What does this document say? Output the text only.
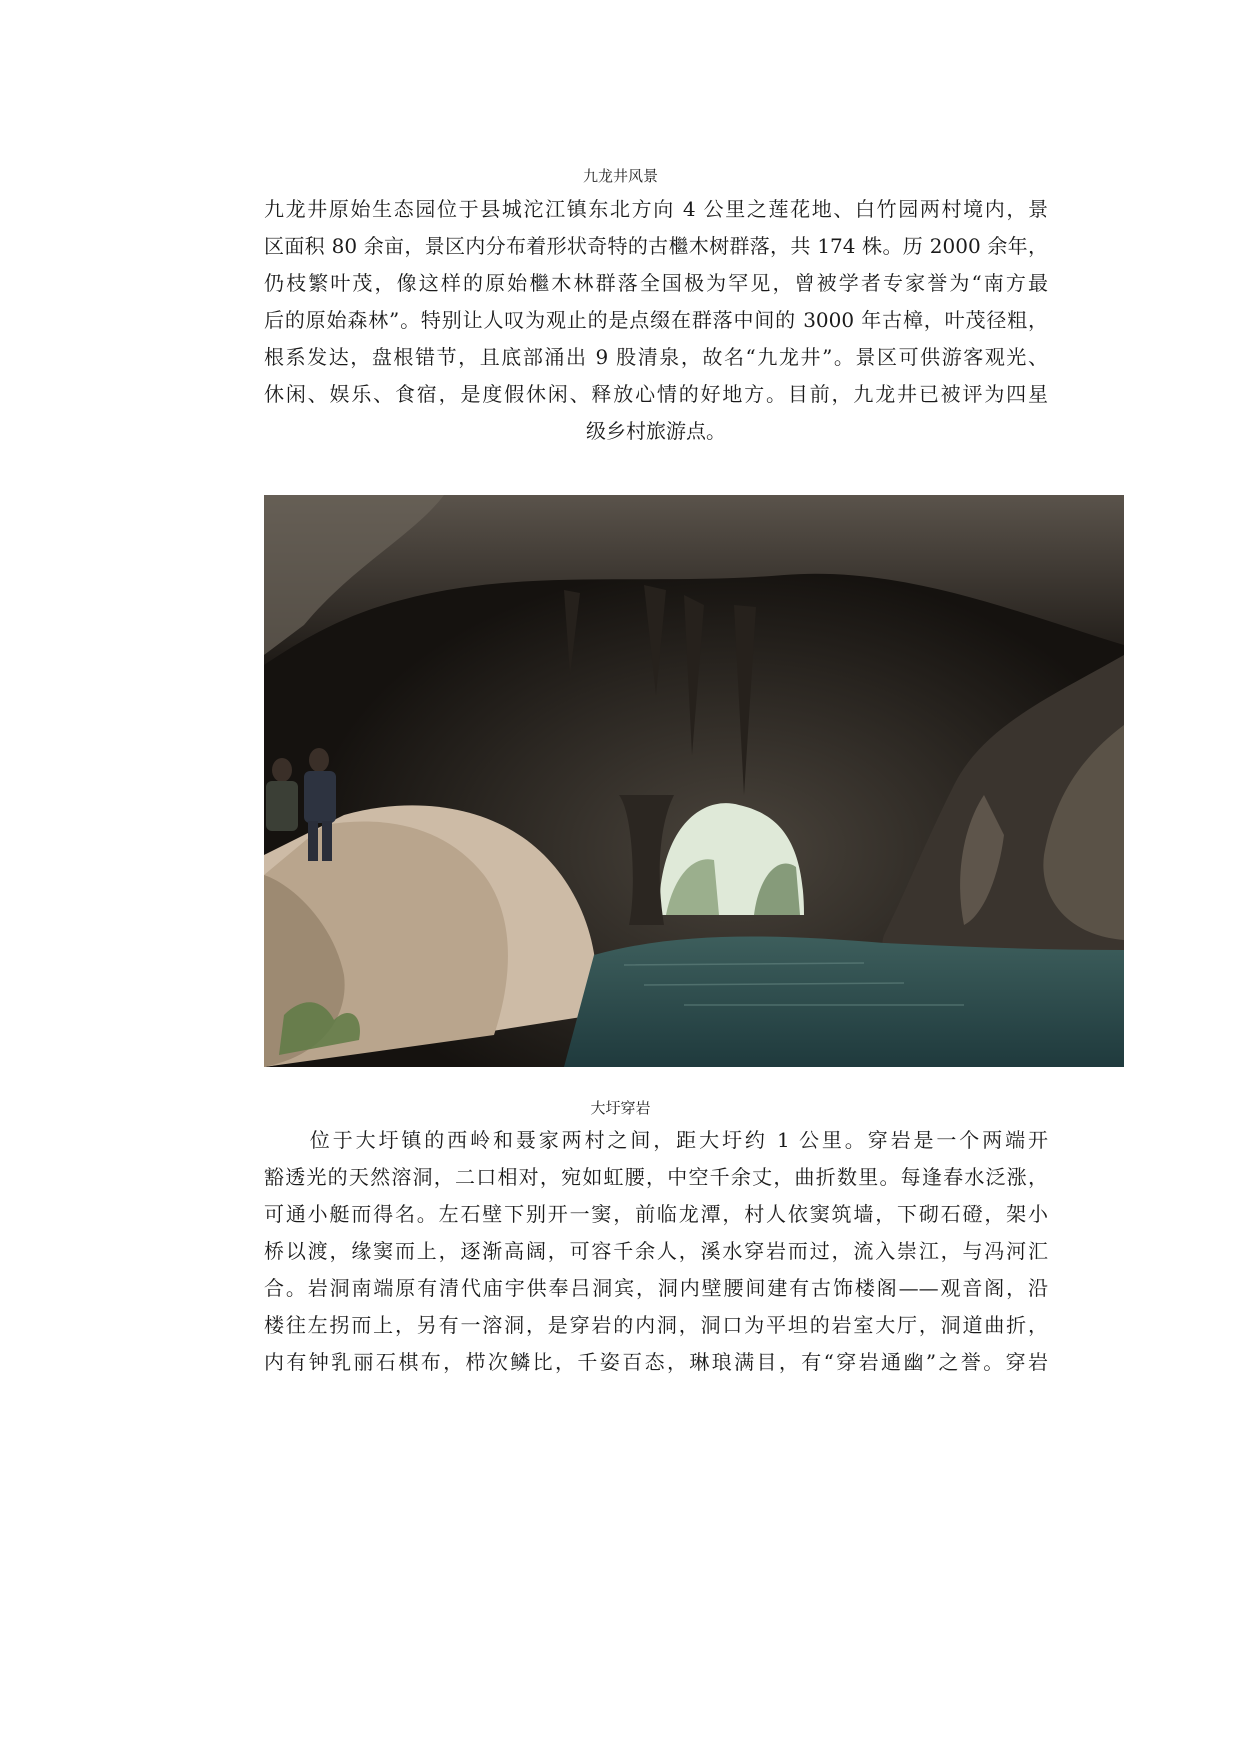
九龙井风景
九龙井原始生态园位于县城沱江镇东北方向 4 公里之莲花地、白竹园两村境内，景
区面积 80 余亩，景区内分布着形状奇特的古檵木树群落，共 174 株。历 2000 余年，
仍枝繁叶茂，像这样的原始檵木林群落全国极为罕见，曾被学者专家誉为“南方最
后的原始森林”。特别让人叹为观止的是点缀在群落中间的 3000 年古樟，叶茂径粗，
根系发达，盘根错节，且底部涌出 9 股清泉，故名“九龙井”。景区可供游客观光、
休闲、娱乐、食宿，是度假休闲、释放心情的好地方。目前，九龙井已被评为四星
级乡村旅游点。
大圩穿岩
　　位于大圩镇的西岭和聂家两村之间，距大圩约 1 公里。穿岩是一个两端开
豁透光的天然溶洞，二口相对，宛如虹腰，中空千余丈，曲折数里。每逢春水泛涨，
可通小艇而得名。左石壁下别开一窦，前临龙潭，村人依窦筑墙，下砌石磴，架小
桥以渡，缘窦而上，逐渐高阔，可容千余人，溪水穿岩而过，流入崇江，与冯河汇
合。岩洞南端原有清代庙宇供奉吕洞宾，洞内壁腰间建有古饰楼阁——观音阁，沿
楼往左拐而上，另有一溶洞，是穿岩的内洞，洞口为平坦的岩室大厅，洞道曲折，
内有钟乳丽石棋布，栉次鳞比，千姿百态，琳琅满目，有“穿岩通幽”之誉。穿岩
